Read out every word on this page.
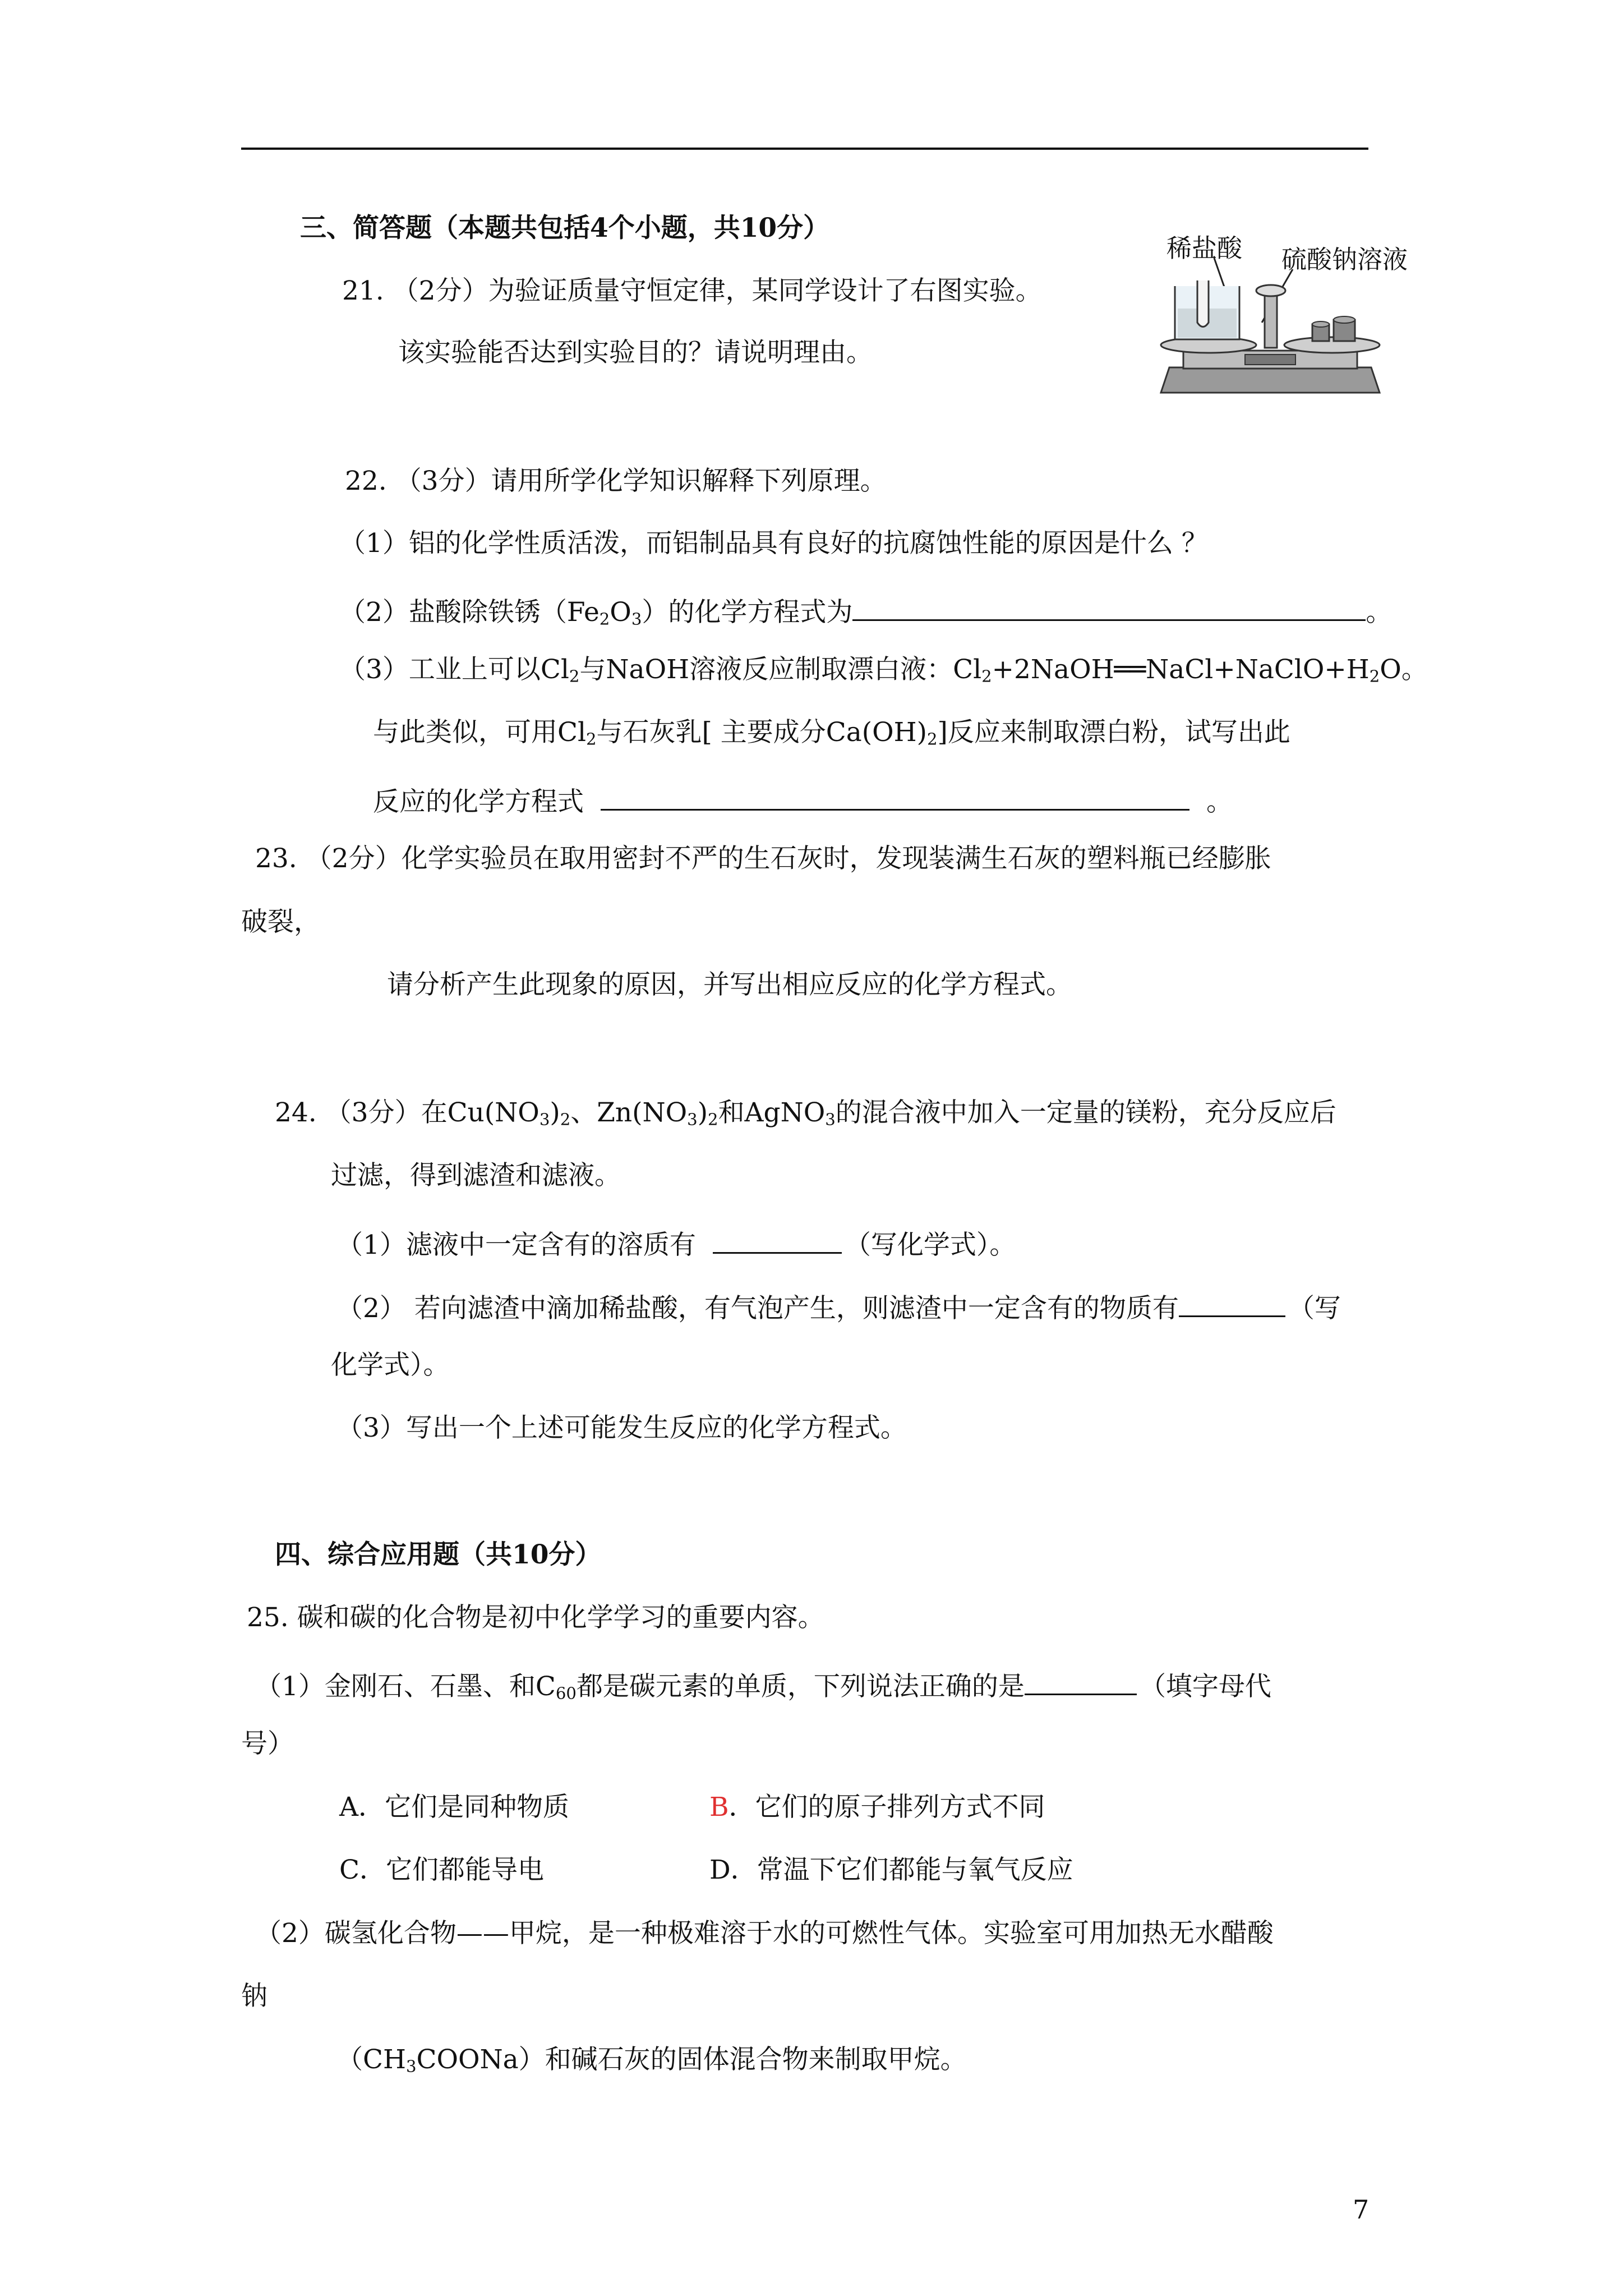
三、简答题（本题共包括4个小题，共10分）
稀盐酸 硫酸钠溶液
21. （2分）为验证质量守恒定律，某同学设计了右图实验。
该实验能否达到实验目的？请说明理由。
22. （3分）请用所学化学知识解释下列原理。
（1）铝的化学性质活泼，而铝制品具有良好的抗腐蚀性能的原因是什么 ？
（2）盐酸除铁锈$(Fe_2O_3)$的化学方程式为	。
（3）工业上可以$Cl_2$与NaOH溶液反应制取漂白液：$Cl_2+2NaOH══NaCl+NaClO+H_2O$。
与此类似，可用$Cl_2$与石灰乳[ 主要成分$Ca(OH)_2$]反应来制取漂白粉，试写出此
反应的化学方程式	。
23. （2分）化学实验员在取用密封不严的生石灰时，发现装满生石灰的塑料瓶已经膨胀
破裂，
请分析产生此现象的原因，并写出相应反应的化学方程式。
24. （3分）在$Cu(NO_3)_2$、$Zn(NO_3)_2$和AgNO$_3$的混合液中加入一定量的镁粉，充分反应后
过滤，得到滤渣和滤液。
（1）滤液中一定含有的溶质有	（写化学式）。
（2） 若向滤渣中滴加稀盐酸，有气泡产生，则滤渣中一定含有的物质有	（写
化学式）。
（3）写出一个上述可能发生反应的化学方程式。
四、综合应用题（共10分）
25. 碳和碳的化合物是初中化学学习的重要内容。
（1）金刚石、石墨、和$C_{60}$都是碳元素的单质，下列说法正确的是	（填字母代
号）
A．它们是同种物质	B．它们的原子排列方式不同
C．它们都能导电	D．常温下它们都能与氧气反应
（2）碳氢化合物——甲烷，是一种极难溶于水的可燃性气体。实验室可用加热无水醋酸
钠
$(CH_3COONa)$和碱石灰的固体混合物来制取甲烷。
7
